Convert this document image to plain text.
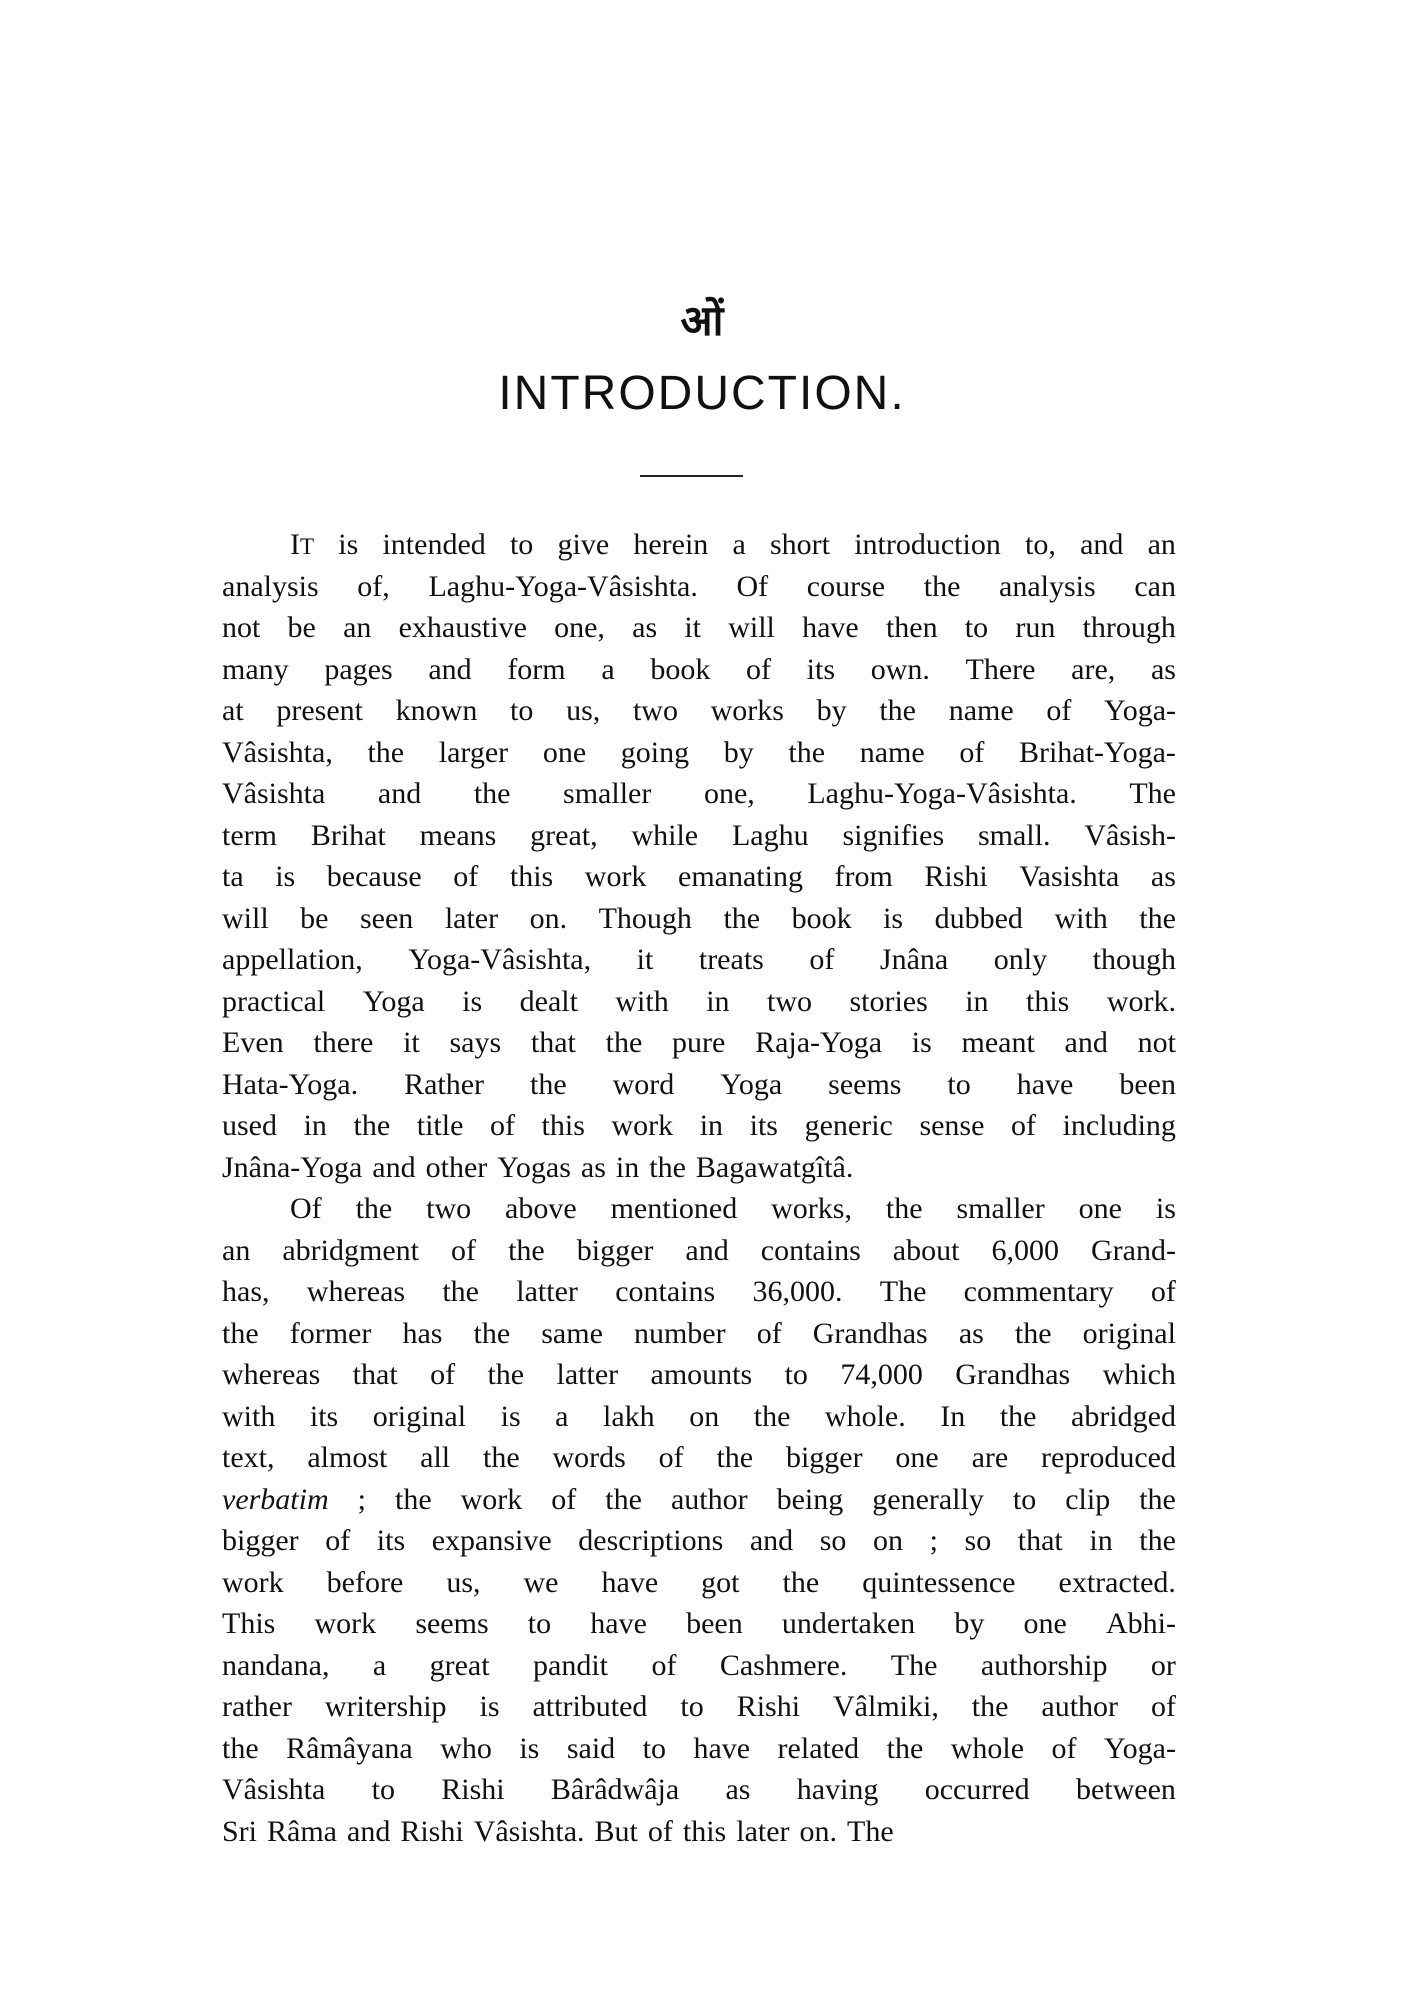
ओं
INTRODUCTION.
IT is intended to give herein a short introduction to, and an
analysis of, Laghu-Yoga-Vâsishta. Of course the analysis can
not be an exhaustive one, as it will have then to run through
many pages and form a book of its own. There are, as
at present known to us, two works by the name of Yoga-
Vâsishta, the larger one going by the name of Brihat-Yoga-
Vâsishta and the smaller one, Laghu-Yoga-Vâsishta. The
term Brihat means great, while Laghu signifies small. Vâsish-
ta is because of this work emanating from Rishi Vasishta as
will be seen later on. Though the book is dubbed with the
appellation, Yoga-Vâsishta, it treats of Jnâna only though
practical Yoga is dealt with in two stories in this work.
Even there it says that the pure Raja-Yoga is meant and not
Hata-Yoga. Rather the word Yoga seems to have been
used in the title of this work in its generic sense of including
Jnâna-Yoga and other Yogas as in the Bagawatgîtâ.
Of the two above mentioned works, the smaller one is
an abridgment of the bigger and contains about 6,000 Grand-
has, whereas the latter contains 36,000. The commentary of
the former has the same number of Grandhas as the original
whereas that of the latter amounts to 74,000 Grandhas which
with its original is a lakh on the whole. In the abridged
text, almost all the words of the bigger one are reproduced
verbatim ; the work of the author being generally to clip the
bigger of its expansive descriptions and so on ; so that in the
work before us, we have got the quintessence extracted.
This work seems to have been undertaken by one Abhi-
nandana, a great pandit of Cashmere. The authorship or
rather writership is attributed to Rishi Vâlmiki, the author of
the Râmâyana who is said to have related the whole of Yoga-
Vâsishta to Rishi Bârâdwâja as having occurred between
Sri Râma and Rishi Vâsishta. But of this later on. The
